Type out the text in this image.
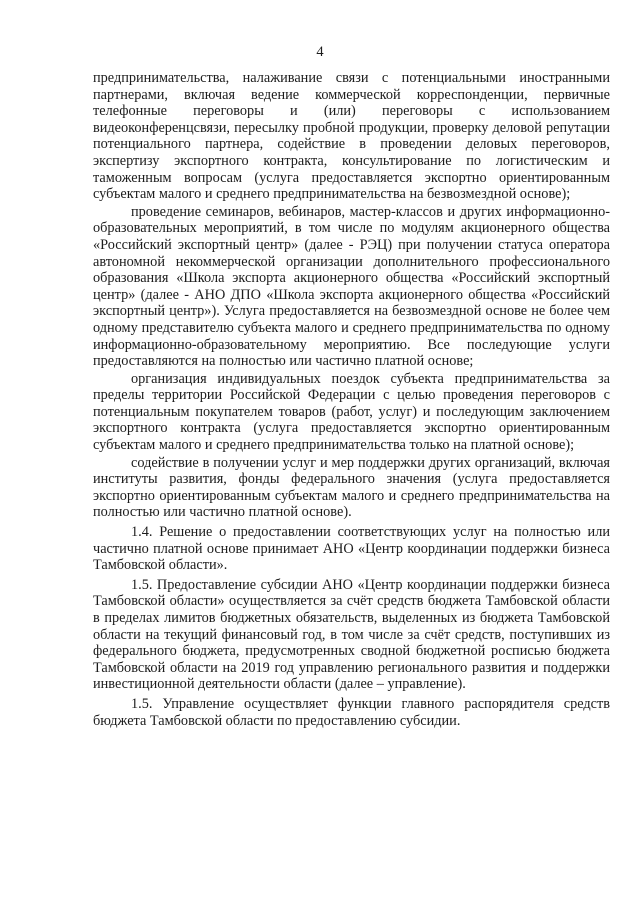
4

предпринимательства, налаживание связи с потенциальными иностранными партнерами, включая ведение коммерческой корреспонденции, первичные телефонные переговоры и (или) переговоры с использованием видеоконференцсвязи, пересылку пробной продукции, проверку деловой репутации потенциального партнера, содействие в проведении деловых переговоров, экспертизу экспортного контракта, консультирование по логистическим и таможенным вопросам (услуга предоставляется экспортно ориентированным субъектам малого и среднего предпринимательства на безвозмездной основе);

проведение семинаров, вебинаров, мастер-классов и других информационно-образовательных мероприятий, в том числе по модулям акционерного общества «Российский экспортный центр» (далее - РЭЦ) при получении статуса оператора автономной некоммерческой организации дополнительного профессионального образования «Школа экспорта акционерного общества «Российский экспортный центр» (далее - АНО ДПО «Школа экспорта акционерного общества «Российский экспортный центр»). Услуга предоставляется на безвозмездной основе не более чем одному представителю субъекта малого и среднего предпринимательства по одному информационно-образовательному мероприятию. Все последующие услуги предоставляются на полностью или частично платной основе;

организация индивидуальных поездок субъекта предпринимательства за пределы территории Российской Федерации с целью проведения переговоров с потенциальным покупателем товаров (работ, услуг) и последующим заключением экспортного контракта (услуга предоставляется экспортно ориентированным субъектам малого и среднего предпринимательства только на платной основе);

содействие в получении услуг и мер поддержки других организаций, включая институты развития, фонды федерального значения (услуга предоставляется экспортно ориентированным субъектам малого и среднего предпринимательства на полностью или частично платной основе).

1.4. Решение о предоставлении соответствующих услуг на полностью или частично платной основе принимает АНО «Центр координации поддержки бизнеса Тамбовской области».

1.5. Предоставление субсидии АНО «Центр координации поддержки бизнеса Тамбовской области» осуществляется за счёт средств бюджета Тамбовской области в пределах лимитов бюджетных обязательств, выделенных из бюджета Тамбовской области на текущий финансовый год, в том числе за счёт средств, поступивших из федерального бюджета, предусмотренных сводной бюджетной росписью бюджета Тамбовской области на 2019 год управлению регионального развития и поддержки инвестиционной деятельности области (далее – управление).

1.5. Управление осуществляет функции главного распорядителя средств бюджета Тамбовской области по предоставлению субсидии.
